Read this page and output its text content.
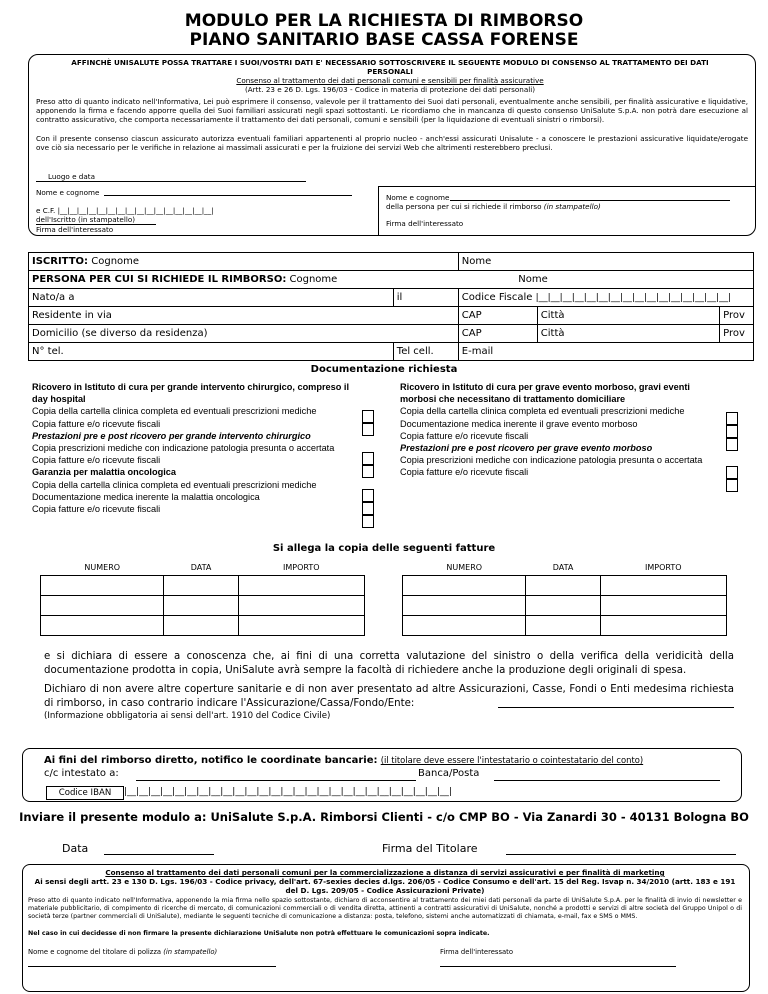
MODULO PER LA RICHIESTA DI RIMBORSO
PIANO SANITARIO BASE CASSA FORENSE
AFFINCHÈ UNISALUTE POSSA TRATTARE I SUOI/VOSTRI DATI E' NECESSARIO SOTTOSCRIVERE IL SEGUENTE MODULO DI CONSENSO AL TRATTAMENTO DEI DATI PERSONALI
Consenso al trattamento dei dati personali comuni e sensibili per finalità assicurative
(Artt. 23 e 26 D. Lgs. 196/03 - Codice in materia di protezione dei dati personali)
Preso atto di quanto indicato nell'Informativa, Lei può esprimere il consenso, valevole per il trattamento dei Suoi dati personali, eventualmente anche sensibili, per finalità assicurative e liquidative, apponendo la firma e facendo apporre quella dei Suoi familiari assicurati negli spazi sottostanti. Le ricordiamo che in mancanza di questo consenso UniSalute S.p.A. non potrà dare esecuzione al contratto assicurativo, che comporta necessariamente il trattamento dei dati personali, comuni e sensibili (per la liquidazione di eventuali sinistri o rimborsi).
Con il presente consenso ciascun assicurato autorizza eventuali familiari appartenenti al proprio nucleo - anch'essi assicurati Unisalute - a conoscere le prestazioni assicurative liquidate/erogate ove ciò sia necessario per le verifiche in relazione ai massimali assicurati e per la fruizione dei servizi Web che altrimenti resterebbero preclusi.
Luogo e data
Nome e cognome
e C.F. |__|__|__|__|__|__|__|__|__|__|__|__|__|__|__|__|
dell'Iscritto (in stampatello)
Firma dell'interessato
Nome e cognome
della persona per cui si richiede il rimborso (in stampatello)
Firma dell'interessato
ISCRITTO: Cognome		Nome		
PERSONA PER CUI SI RICHIEDE IL RIMBORSO: Cognome		Nome		
Nato/a a	il	Codice Fiscale |__|__|__|__|__|__|__|__|__|__|__|__|__|__|__|__|		
Residente in via		CAP	Città	Prov
Domicilio (se diverso da residenza)		CAP	Città	Prov
N° tel.	Tel cell.	E-mail		
Documentazione richiesta
Ricovero in Istituto di cura per grande intervento chirurgico, compreso il
day hospital
Copia della cartella clinica completa ed eventuali prescrizioni mediche
Copia fatture e/o ricevute fiscali
Prestazioni pre e post ricovero per grande intervento chirurgico
Copia prescrizioni mediche con indicazione patologia presunta o accertata
Copia fatture e/o ricevute fiscali
Garanzia per malattia oncologica
Copia della cartella clinica completa ed eventuali prescrizioni mediche
Documentazione medica inerente la malattia oncologica
Copia fatture e/o ricevute fiscali
Ricovero in Istituto di cura per grave evento morboso, gravi eventi
morbosi che necessitano di trattamento domiciliare
Copia della cartella clinica completa ed eventuali prescrizioni mediche
Documentazione medica inerente il grave evento morboso
Copia fatture e/o ricevute fiscali
Prestazioni pre e post ricovero per grave evento morboso
Copia prescrizioni mediche con indicazione patologia presunta o accertata
Copia fatture e/o ricevute fiscali
Si allega la copia delle seguenti fatture
NUMERO	DATA	IMPORTO

			NUMERO	DATA	IMPORTO

e si dichiara di essere a conoscenza che, ai fini di una corretta valutazione del sinistro o della verifica della veridicità della documentazione prodotta in copia, UniSalute avrà sempre la facoltà di richiedere anche la produzione degli originali di spesa.
Dichiaro di non avere altre coperture sanitarie e di non aver presentato ad altre Assicurazioni, Casse, Fondi o Enti medesima richiesta di rimborso, in caso contrario indicare l'Assicurazione/Cassa/Fondo/Ente:
(Informazione obbligatoria ai sensi dell'art. 1910 del Codice Civile)
Ai fini del rimborso diretto, notifico le coordinate bancarie: (il titolare deve essere l'intestatario o cointestatario del conto)
c/c intestato a:	Banca/Posta
Inviare il presente modulo a: UniSalute S.p.A. Rimborsi Clienti - c/o CMP BO - Via Zanardi 30 - 40131 Bologna BO
Data	Firma del Titolare
Consenso al trattamento dei dati personali comuni per la commercializzazione a distanza di servizi assicurativi e per finalità di marketing
Ai sensi degli artt. 23 e 130 D. Lgs. 196/03 - Codice privacy, dell'art. 67-sexies decies d.lgs. 206/05 - Codice Consumo e dell'art. 15 del Reg. Isvap n. 34/2010 (artt. 183 e 191 del D. Lgs. 209/05 - Codice Assicurazioni Private)
Preso atto di quanto indicato nell'Informativa, apponendo la mia firma nello spazio sottostante, dichiaro di acconsentire al trattamento dei miei dati personali da parte di UniSalute S.p.A. per le finalità di invio di newsletter e materiale pubblicitario, di compimento di ricerche di mercato, di comunicazioni commerciali o di vendita diretta, attinenti a contratti assicurativi di UniSalute, nonché a prodotti e servizi di altre società del Gruppo Unipol o di società terze (partner commerciali di UniSalute), mediante le seguenti tecniche di comunicazione a distanza: posta, telefono, sistemi anche automatizzati di chiamata, e-mail, fax e SMS o MMS.
Nel caso in cui decidesse di non firmare la presente dichiarazione UniSalute non potrà effettuare le comunicazioni sopra indicate.
Nome e cognome del titolare di polizza (in stampatello)	Firma dell'interessato
Codice IBAN	|__|__|__|__|__|__|__|__|__|__|__|__|__|__|__|__|__|__|__|__|__|__|__|__|__|__|__|
